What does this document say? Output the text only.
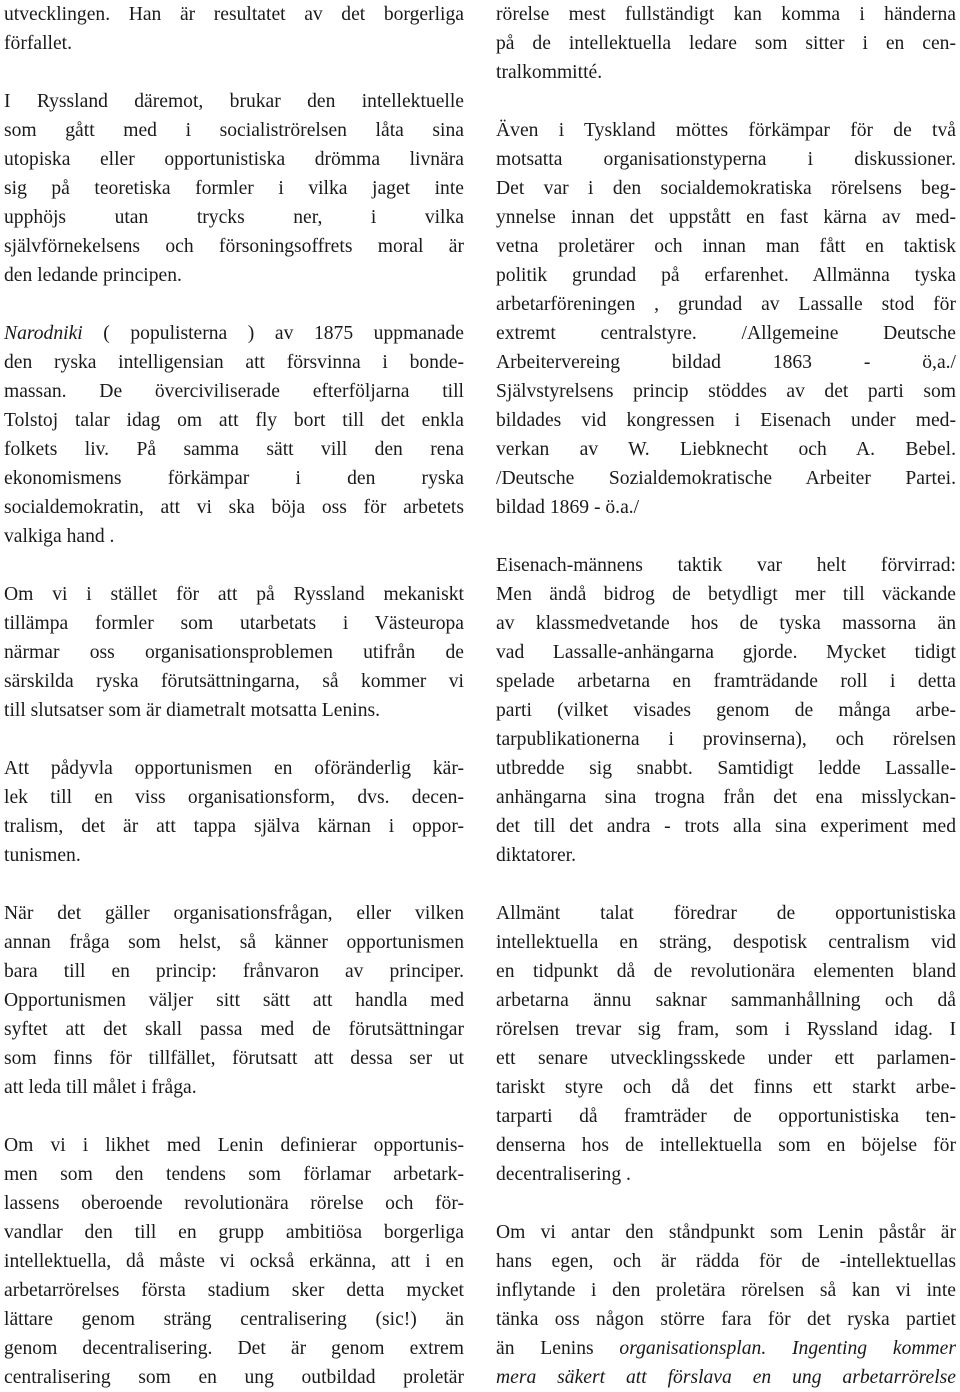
utvecklingen. Han är resultatet av det borgerliga
förfallet.
I Ryssland däremot, brukar den intellektuelle
som gått med i socialiströrelsen låta sina
utopiska eller opportunistiska drömma livnära
sig på teoretiska formler i vilka jaget inte
upphöjs utan trycks ner, i vilka
självförnekelsens och försoningsoffrets moral är
den ledande principen.
Narodniki ( populisterna ) av 1875 uppmanade
den ryska intelligensian att försvinna i bonde-
massan. De överciviliserade efterföljarna till
Tolstoj talar idag om att fly bort till det enkla
folkets liv. På samma sätt vill den rena
ekonomismens förkämpar i den ryska
socialdemokratin, att vi ska böja oss för arbetets
valkiga hand .
Om vi i stället för att på Ryssland mekaniskt
tillämpa formler som utarbetats i Västeuropa
närmar oss organisationsproblemen utifrån de
särskilda ryska förutsättningarna, så kommer vi
till slutsatser som är diametralt motsatta Lenins.
Att pådyvla opportunismen en oföränderlig kär-
lek till en viss organisationsform, dvs. decen-
tralism, det är att tappa själva kärnan i oppor-
tunismen.
När det gäller organisationsfrågan, eller vilken
annan fråga som helst, så känner opportunismen
bara till en princip: frånvaron av principer.
Opportunismen väljer sitt sätt att handla med
syftet att det skall passa med de förutsättningar
som finns för tillfället, förutsatt att dessa ser ut
att leda till målet i fråga.
Om vi i likhet med Lenin definierar opportunis-
men som den tendens som förlamar arbetark-
lassens oberoende revolutionära rörelse och för-
vandlar den till en grupp ambitiösa borgerliga
intellektuella, då måste vi också erkänna, att i en
arbetarrörelses första stadium sker detta mycket
lättare genom sträng centralisering (sic!) än
genom decentralisering. Det är genom extrem
centralisering som en ung outbildad proletär
rörelse mest fullständigt kan komma i händerna
på de intellektuella ledare som sitter i en cen-
tralkommitté.
Även i Tyskland möttes förkämpar för de två
motsatta organisationstyperna i diskussioner.
Det var i den socialdemokratiska rörelsens beg-
ynnelse innan det uppstått en fast kärna av med-
vetna proletärer och innan man fått en taktisk
politik grundad på erfarenhet. Allmänna tyska
arbetarföreningen , grundad av Lassalle stod för
extremt centralstyre. /Allgemeine Deutsche
Arbeitervereing bildad 1863 - ö,a./
Självstyrelsens princip stöddes av det parti som
bildades vid kongressen i Eisenach under med-
verkan av W. Liebknecht och A. Bebel.
/Deutsche Sozialdemokratische Arbeiter Partei.
bildad 1869 - ö.a./
Eisenach-männens taktik var helt förvirrad:
Men ändå bidrog de betydligt mer till väckande
av klassmedvetande hos de tyska massorna än
vad Lassalle-anhängarna gjorde. Mycket tidigt
spelade arbetarna en framträdande roll i detta
parti (vilket visades genom de många arbe-
tarpublikationerna i provinserna), och rörelsen
utbredde sig snabbt. Samtidigt ledde Lassalle-
anhängarna sina trogna från det ena misslyckan-
det till det andra - trots alla sina experiment med
diktatorer.
Allmänt talat föredrar de opportunistiska
intellektuella en sträng, despotisk centralism vid
en tidpunkt då de revolutionära elementen bland
arbetarna ännu saknar sammanhållning och då
rörelsen trevar sig fram, som i Ryssland idag. I
ett senare utvecklingsskede under ett parlamen-
tariskt styre och då det finns ett starkt arbe-
tarparti då framträder de opportunistiska ten-
denserna hos de intellektuella som en böjelse för
decentralisering .
Om vi antar den ståndpunkt som Lenin påstår är
hans egen, och är rädda för de -intellektuellas
inflytande i den proletära rörelsen så kan vi inte
tänka oss någon större fara för det ryska partiet
än Lenins organisationsplan. Ingenting kommer
mera säkert att förslava en ung arbetarrörelse
